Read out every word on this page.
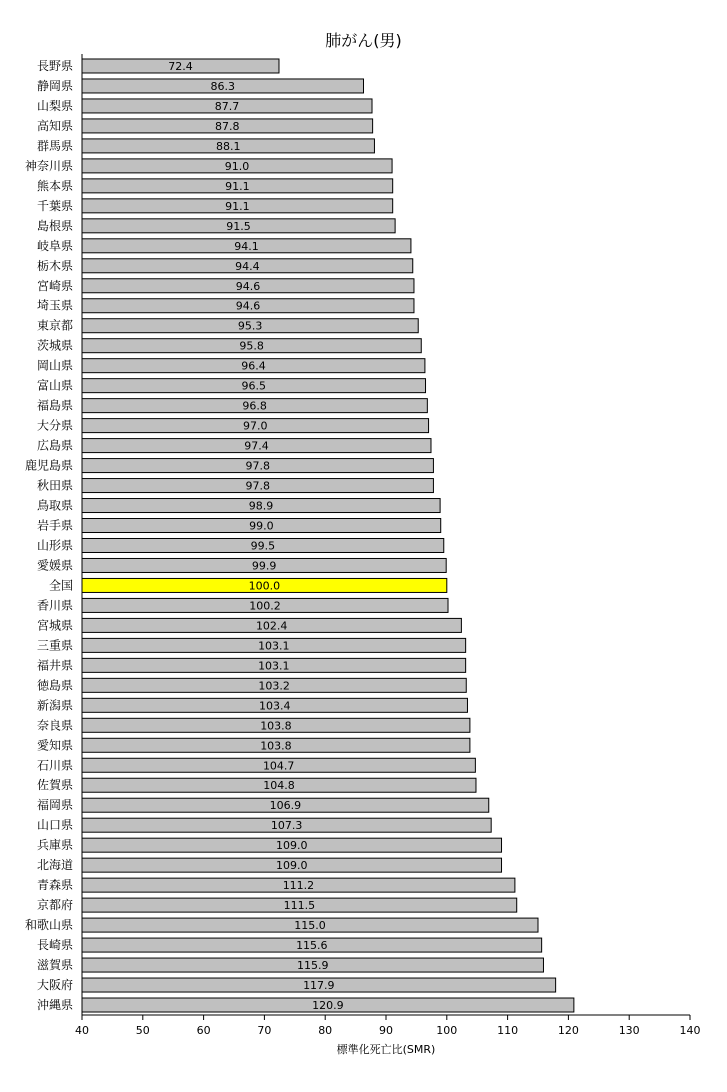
肺がん(男)
長野県	72.4
静岡県	86.3
山梨県	87.7
高知県	87.8
群馬県	88.1
神奈川県	91.0
熊本県	91.1
千葉県	91.1
島根県	91.5
岐阜県	94.1
栃木県	94.4
宮崎県	94.6
埼玉県	94.6
東京都	95.3
茨城県	95.8
岡山県	96.4
富山県	96.5
福島県	96.8
大分県	97.0
広島県	97.4
鹿児島県	97.8
秋田県	97.8
鳥取県	98.9
岩手県	99.0
山形県	99.5
愛媛県	99.9
全国	100.0
香川県	100.2
宮城県	102.4
三重県	103.1
福井県	103.1
徳島県	103.2
新潟県	103.4
奈良県	103.8
愛知県	103.8
石川県	104.7
佐賀県	104.8
福岡県	106.9
山口県	107.3
兵庫県	109.0
北海道	109.0
青森県	111.2
京都府	111.5
和歌山県	115.0
長崎県	115.6
滋賀県	115.9
大阪府	117.9
沖縄県	120.9
40	50	60	70	80	90	100	110	120	130	140
標準化死亡比(SMR)
